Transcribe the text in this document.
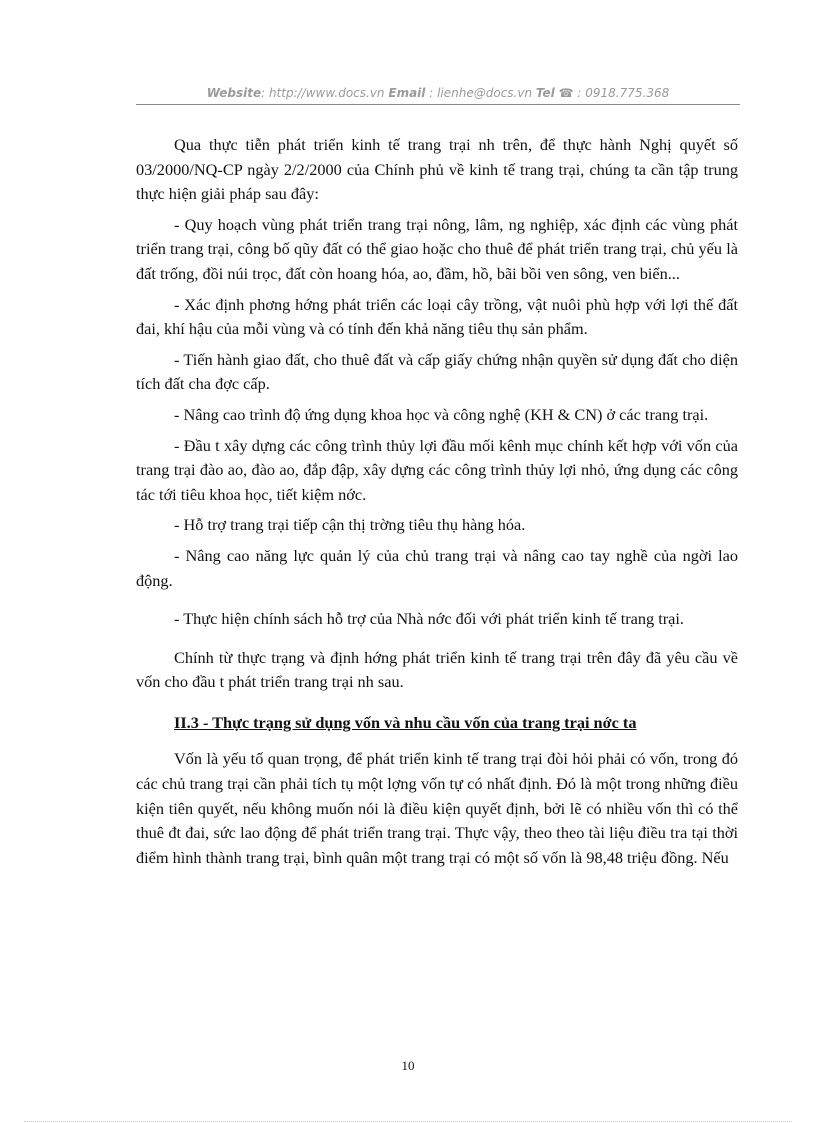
Website: http://www.docs.vn Email : lienhe@docs.vn Tel ☎ : 0918.775.368

Qua thực tiễn phát triển kinh tế trang trại nh trên, để thực hành Nghị quyết số 03/2000/NQ-CP ngày 2/2/2000 của Chính phủ về kinh tế trang trại, chúng ta cần tập trung thực hiện giải pháp sau đây:

- Quy hoạch vùng phát triển trang trại nông, lâm, ng nghiệp, xác định các vùng phát triển trang trại, công bố qũy đất có thể giao hoặc cho thuê để phát triển trang trại, chủ yếu là đất trống, đồi núi trọc, đất còn hoang hóa, ao, đầm, hồ, bãi bồi ven sông, ven biển...

- Xác định phơng hớng phát triển các loại cây trồng, vật nuôi phù hợp với lợi thế đất đai, khí hậu của mỗi vùng và có tính đến khả năng tiêu thụ sản phẩm.

- Tiến hành giao đất, cho thuê đất và cấp giấy chứng nhận quyền sử dụng đất cho diện tích đất cha đợc cấp.

- Nâng cao trình độ ứng dụng khoa học và công nghệ (KH & CN) ở các trang trại.

- Đầu t xây dựng các công trình thủy lợi đầu mối kênh mục chính kết hợp với vốn của trang trại đào ao, đào ao, đắp đập, xây dựng các công trình thủy lợi nhỏ, ứng dụng các công tác tới tiêu khoa học, tiết kiệm nớc.

- Hỗ trợ trang trại tiếp cận thị trờng tiêu thụ hàng hóa.

- Nâng cao năng lực quản lý của chủ trang trại và nâng cao tay nghề của ngời lao động.

- Thực hiện chính sách hỗ trợ của Nhà nớc đối với phát triển kinh tế trang trại.

Chính từ thực trạng và định hớng phát triển kinh tế trang trại trên đây đã yêu cầu về vốn cho đầu t phát triển trang trại nh sau.

II.3 - Thực trạng sử dụng vốn và nhu cầu vốn của trang trại nớc ta

Vốn là yếu tố quan trọng, để phát triển kinh tế trang trại đòi hỏi phải có vốn, trong đó các chủ trang trại cần phải tích tụ một lợng vốn tự có nhất định. Đó là một trong những điều kiện tiên quyết, nếu không muốn nói là điều kiện quyết định, bởi lẽ có nhiều vốn thì có thể thuê đt đai, sức lao động để phát triển trang trại. Thực vậy, theo theo tài liệu điều tra tại thời điểm hình thành trang trại, bình quân một trang trại có một số vốn là 98,48 triệu đồng. Nếu

10
